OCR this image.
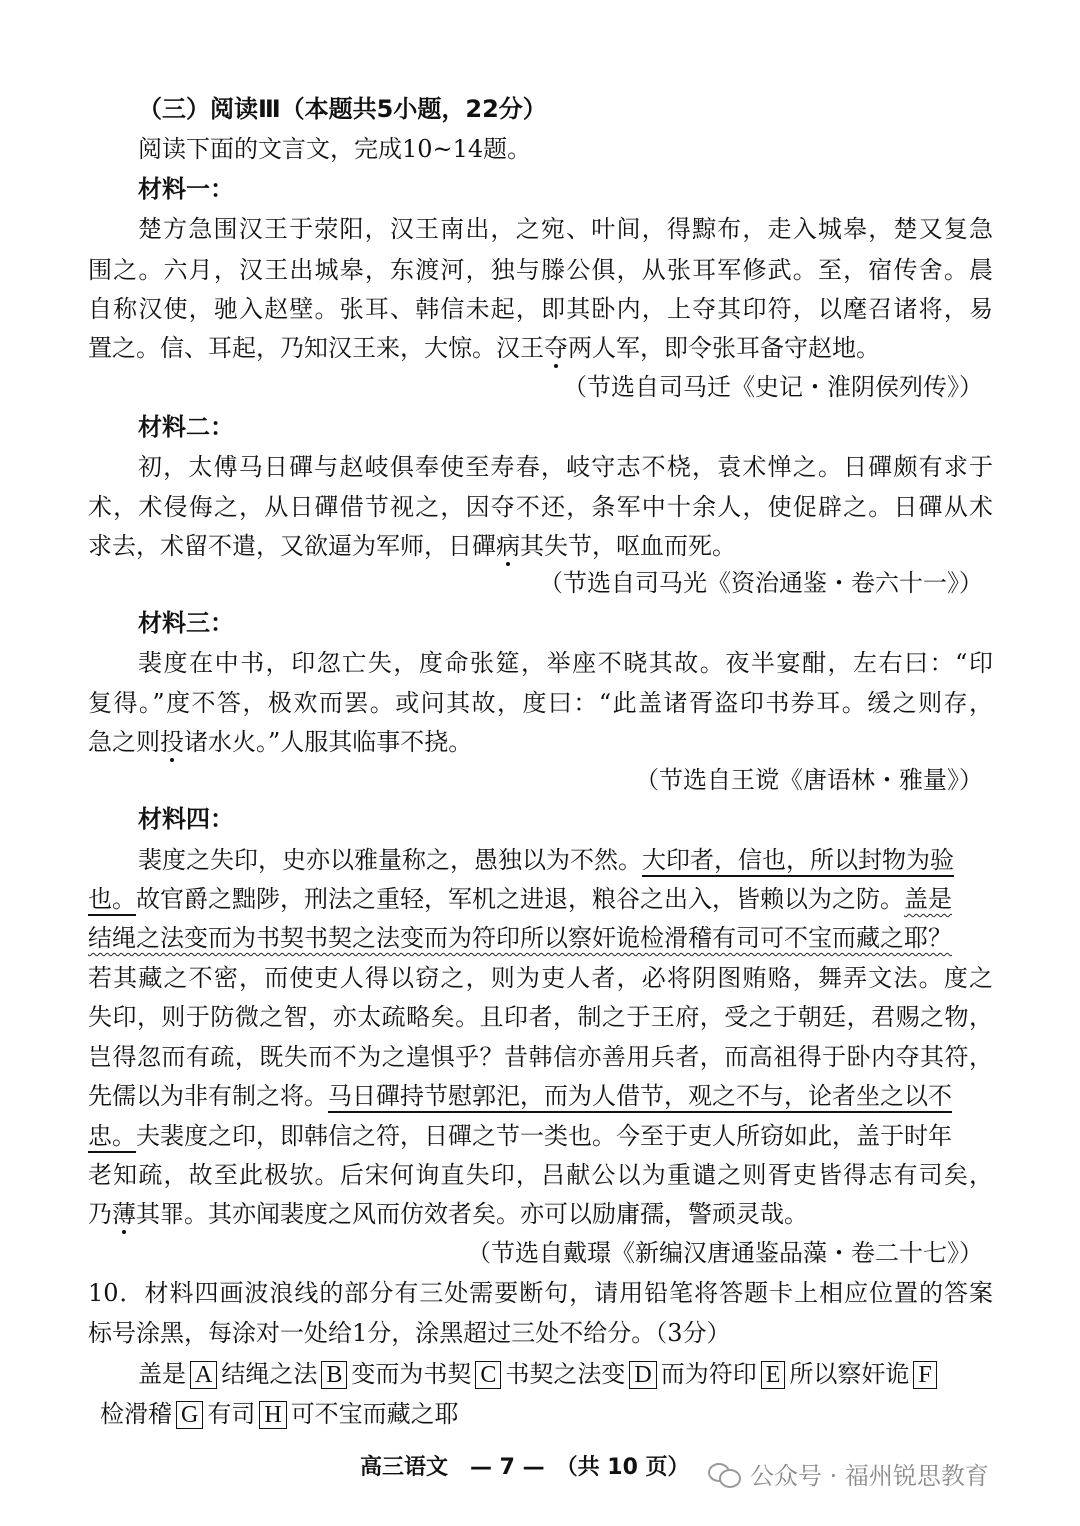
（三）阅读Ⅲ（本题共5小题，22分）
阅读下面的文言文，完成10~14题。
材料一：
楚方急围汉王于荥阳，汉王南出，之宛、叶间，得黥布，走入城皋，楚又复急
围之。六月，汉王出城皋，东渡河，独与滕公俱，从张耳军修武。至，宿传舍。晨
自称汉使，驰入赵壁。张耳、韩信未起，即其卧内，上夺其印符，以麾召诸将，易
置之。信、耳起，乃知汉王来，大惊。汉王夺两人军，即令张耳备守赵地。
（节选自司马迁《史记・淮阴侯列传》）
材料二：
初，太傅马日磾与赵岐俱奉使至寿春，岐守志不桡，袁术惮之。日磾颇有求于
术，术侵侮之，从日磾借节视之，因夺不还，条军中十余人，使促辟之。日磾从术
求去，术留不遣，又欲逼为军师，日磾病其失节，呕血而死。
（节选自司马光《资治通鉴・卷六十一》）
材料三：
裴度在中书，印忽亡失，度命张筵，举座不晓其故。夜半宴酣，左右曰：“印
复得。”度不答，极欢而罢。或问其故，度曰：“此盖诸胥盗印书券耳。缓之则存，
急之则投诸水火。”人服其临事不挠。
（节选自王谠《唐语林・雅量》）
材料四：
裴度之失印，史亦以雅量称之，愚独以为不然。大印者，信也，所以封物为验
也。故官爵之黜陟，刑法之重轻，军机之进退，粮谷之出入，皆赖以为之防。盖是
结绳之法变而为书契书契之法变而为符印所以察奸诡检滑稽有司可不宝而藏之耶？
若其藏之不密，而使吏人得以窃之，则为吏人者，必将阴图贿赂，舞弄文法。度之
失印，则于防微之智，亦太疏略矣。且印者，制之于王府，受之于朝廷，君赐之物，
岂得忽而有疏，既失而不为之遑惧乎？昔韩信亦善用兵者，而高祖得于卧内夺其符，
先儒以为非有制之将。马日磾持节慰郭汜，而为人借节，观之不与，论者坐之以不
忠。夫裴度之印，即韩信之符，日磾之节一类也。今至于吏人所窃如此，盖于时年
老知疏，故至此极欤。后宋何询直失印，吕献公以为重谴之则胥吏皆得志有司矣，
乃薄其罪。其亦闻裴度之风而仿效者矣。亦可以励庸孺，警顽灵哉。
（节选自戴璟《新编汉唐通鉴品藻・卷二十七》）
10．材料四画波浪线的部分有三处需要断句，请用铅笔将答题卡上相应位置的答案
标号涂黑，每涂对一处给1分，涂黑超过三处不给分。（3分）
盖是 A 结绳之法 B 变而为书契 C 书契之法变 D 而为符印 E 所以察奸诡 F
检滑稽 G 有司 H 可不宝而藏之耶
高三语文　— 7 —　（共 10 页）	公众号 · 福州锐思教育
